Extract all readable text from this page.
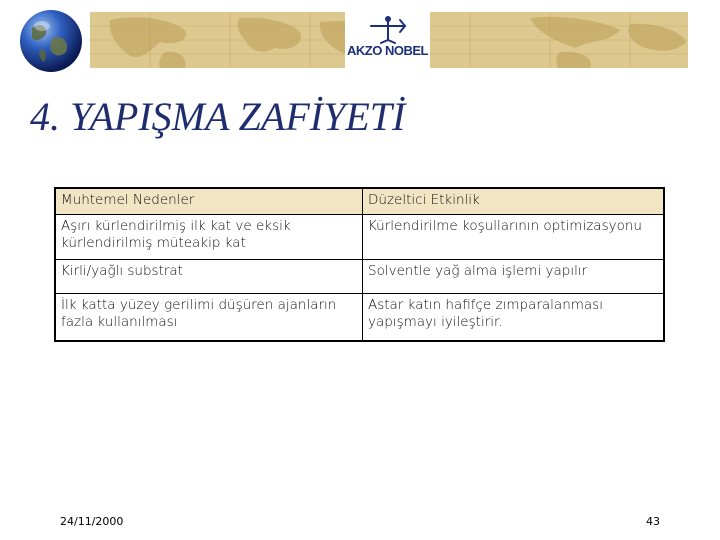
AKZO NOBEL
4. YAPIŞMA ZAFİYETİ
Muhtemel Nedenler	Düzeltici Etkinlik
Aşırı kürlendirilmiş ilk kat ve eksik kürlendirilmiş müteakip kat	Kürlendirilme koşullarının optimizasyonu
Kirli/yağlı substrat	Solventle yağ alma işlemi yapılır
İlk katta yüzey gerilimi düşüren ajanların fazla kullanılması	Astar katın hafifçe zımparalanması yapışmayı iyileştirir.
24/11/2000	43
